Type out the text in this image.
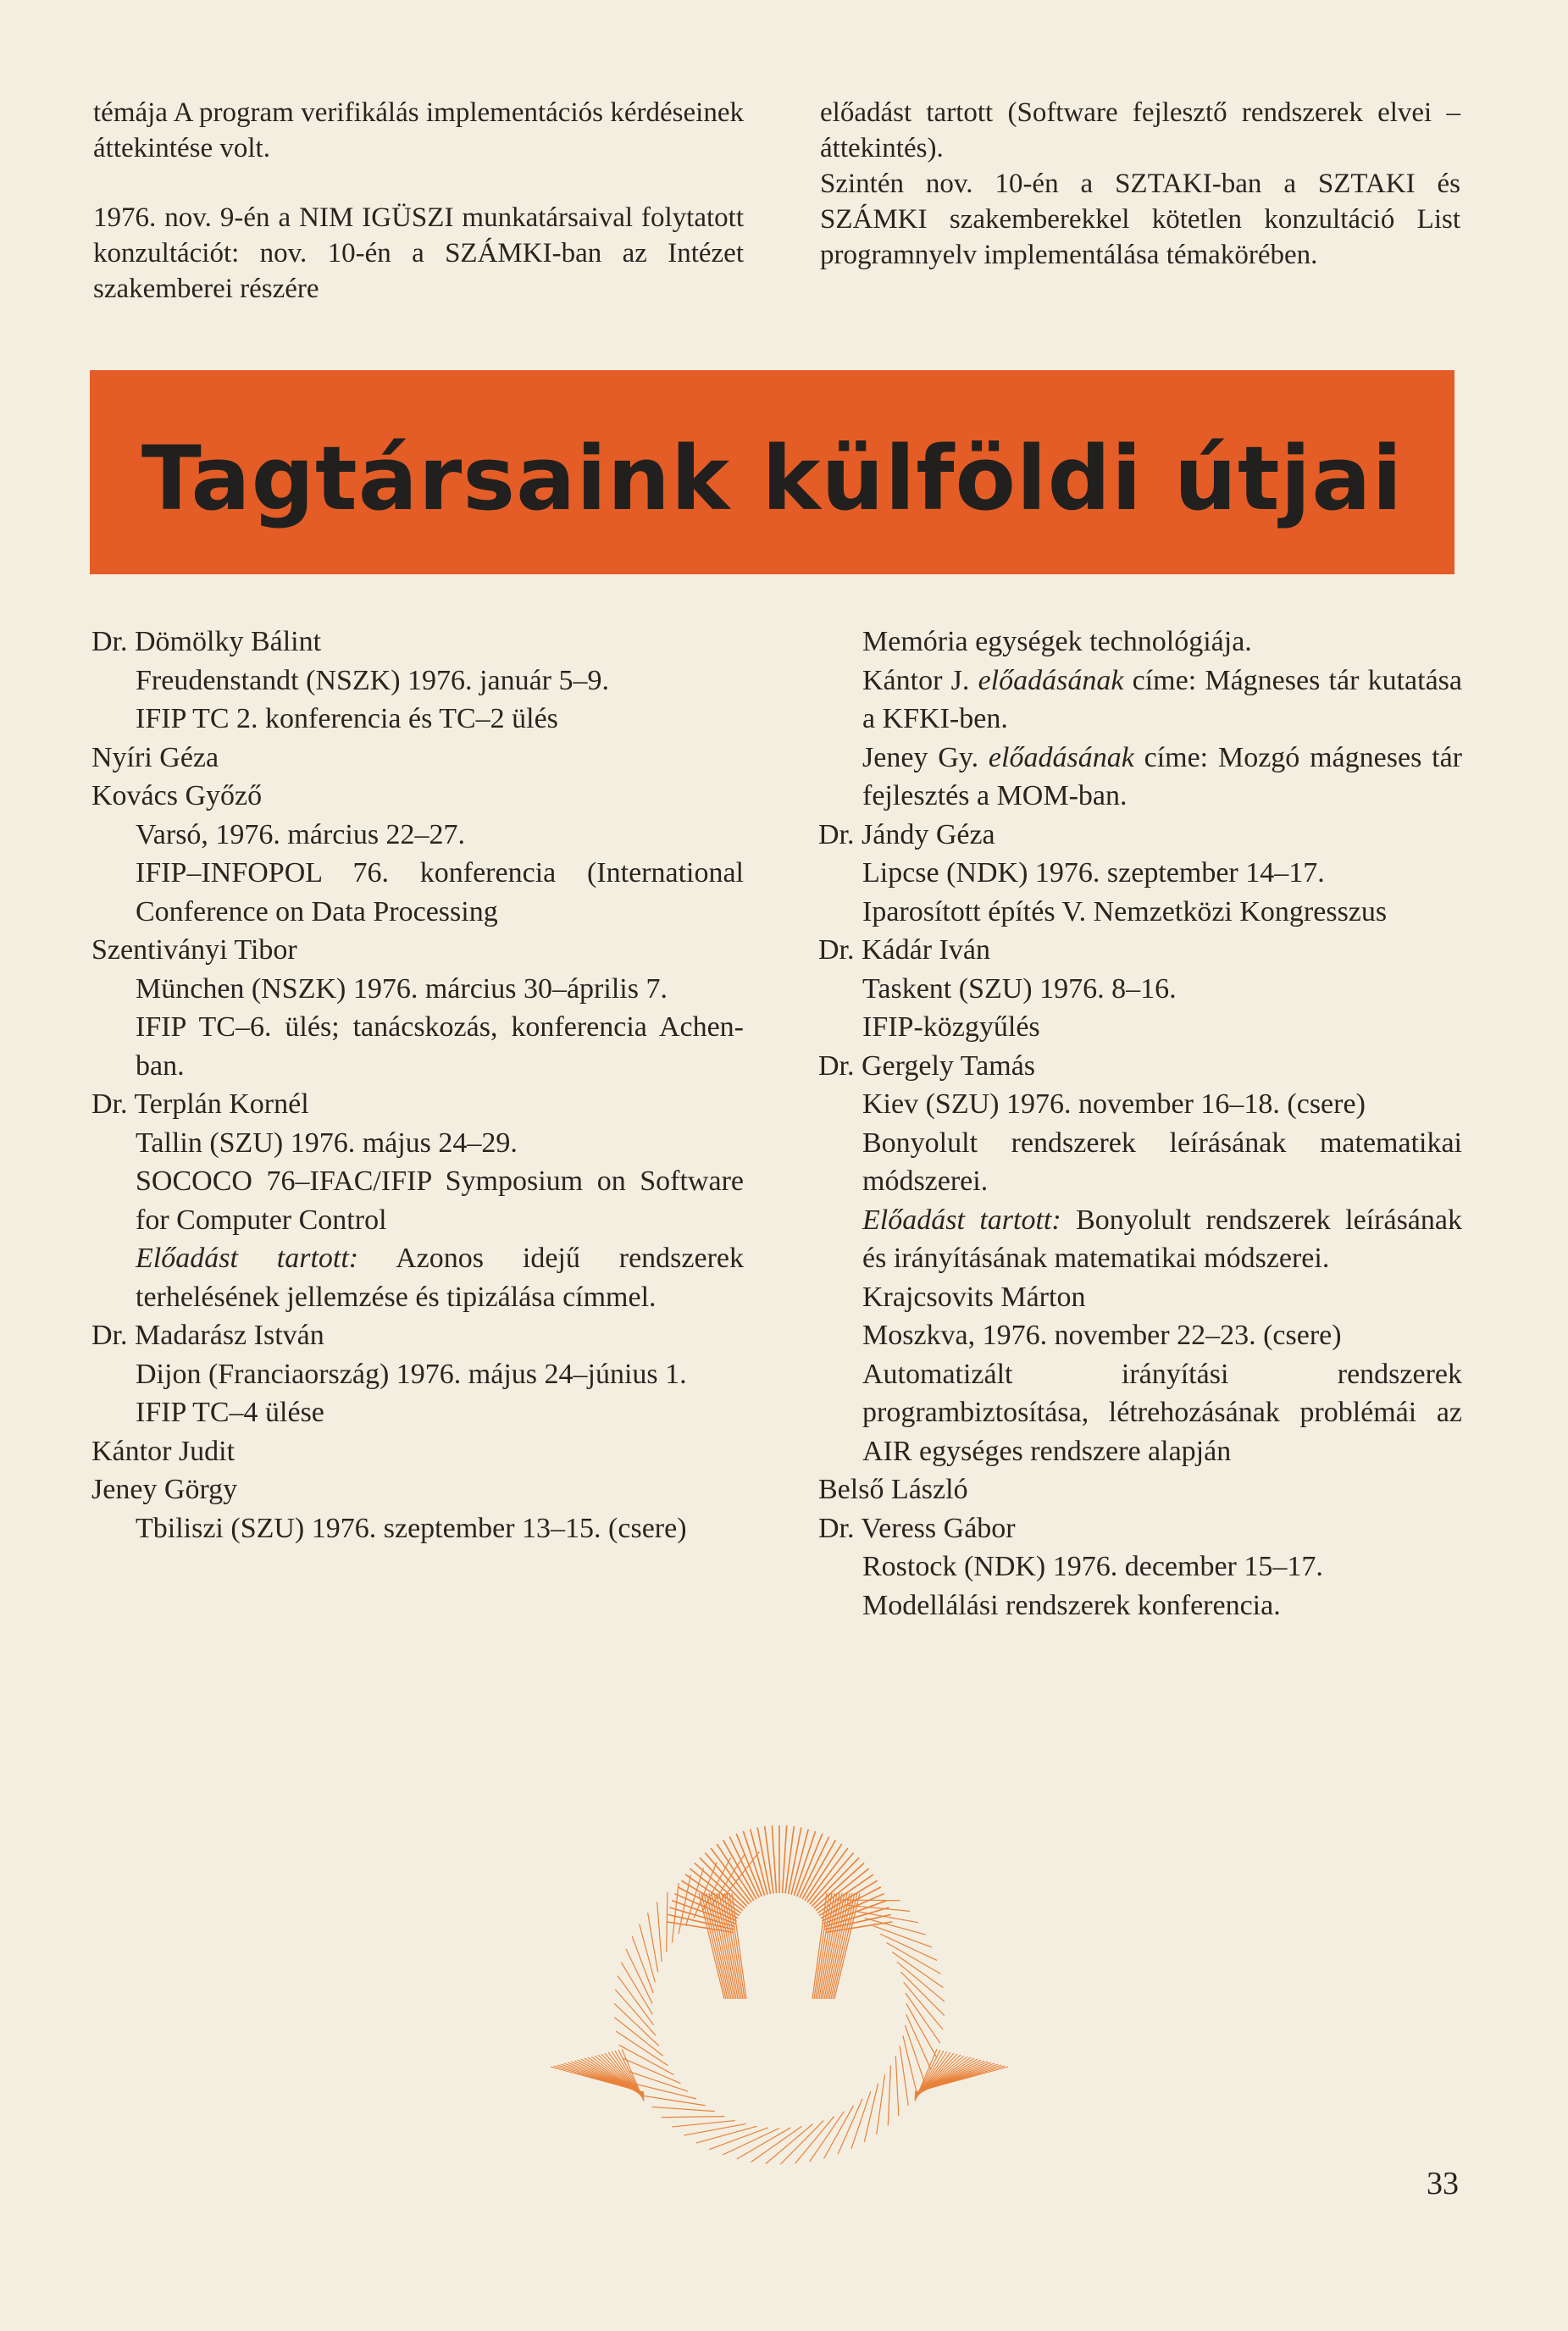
témája A program verifikálás implementációs kérdéseinek áttekintése volt.

1976. nov. 9-én a NIM IGÜSZI munkatársaival folytatott konzultációt: nov. 10-én a SZÁMKI-ban az Intézet szakemberei részére

előadást tartott (Software fejlesztő rendszerek elvei – áttekintés).

Szintén nov. 10-én a SZTAKI-ban a SZTAKI és SZÁMKI szakemberekkel kötetlen konzultáció List programnyelv implementálása témakörében.

Tagtársaink külföldi útjai

Dr. Dömölky Bálint

Freudenstandt (NSZK) 1976. január 5–9.

IFIP TC 2. konferencia és TC–2 ülés

Nyíri Géza

Kovács Győző

Varsó, 1976. március 22–27.

IFIP–INFOPOL 76. konferencia (International Conference on Data Processing

Szentiványi Tibor

München (NSZK) 1976. március 30–április 7.

IFIP TC–6. ülés; tanácskozás, konferencia Achen-ban.

Dr. Terplán Kornél

Tallin (SZU) 1976. május 24–29.

SOCOCO 76–IFAC/IFIP Symposium on Software for Computer Control

Előadást tartott: Azonos idejű rendszerek terhelésének jellemzése és tipizálása címmel.

Dr. Madarász István

Dijon (Franciaország) 1976. május 24–június 1.

IFIP TC–4 ülése

Kántor Judit

Jeney Görgy

Tbiliszi (SZU) 1976. szeptember 13–15. (csere)

Memória egységek technológiája.

Kántor J. előadásának címe: Mágneses tár kutatása a KFKI-ben.

Jeney Gy. előadásának címe: Mozgó mágneses tár fejlesztés a MOM-ban.

Dr. Jándy Géza

Lipcse (NDK) 1976. szeptember 14–17.

Iparosított építés V. Nemzetközi Kongresszus

Dr. Kádár Iván

Taskent (SZU) 1976. 8–16.

IFIP-közgyűlés

Dr. Gergely Tamás

Kiev (SZU) 1976. november 16–18. (csere)

Bonyolult rendszerek leírásának matematikai módszerei.

Előadást tartott: Bonyolult rendszerek leírásának és irányításának matematikai módszerei.

Krajcsovits Márton

Moszkva, 1976. november 22–23. (csere)

Automatizált irányítási rendszerek programbiztosítása, létrehozásának problémái az AIR egységes rendszere alapján

Belső László

Dr. Veress Gábor

Rostock (NDK) 1976. december 15–17.

Modellálási rendszerek konferencia.

33
